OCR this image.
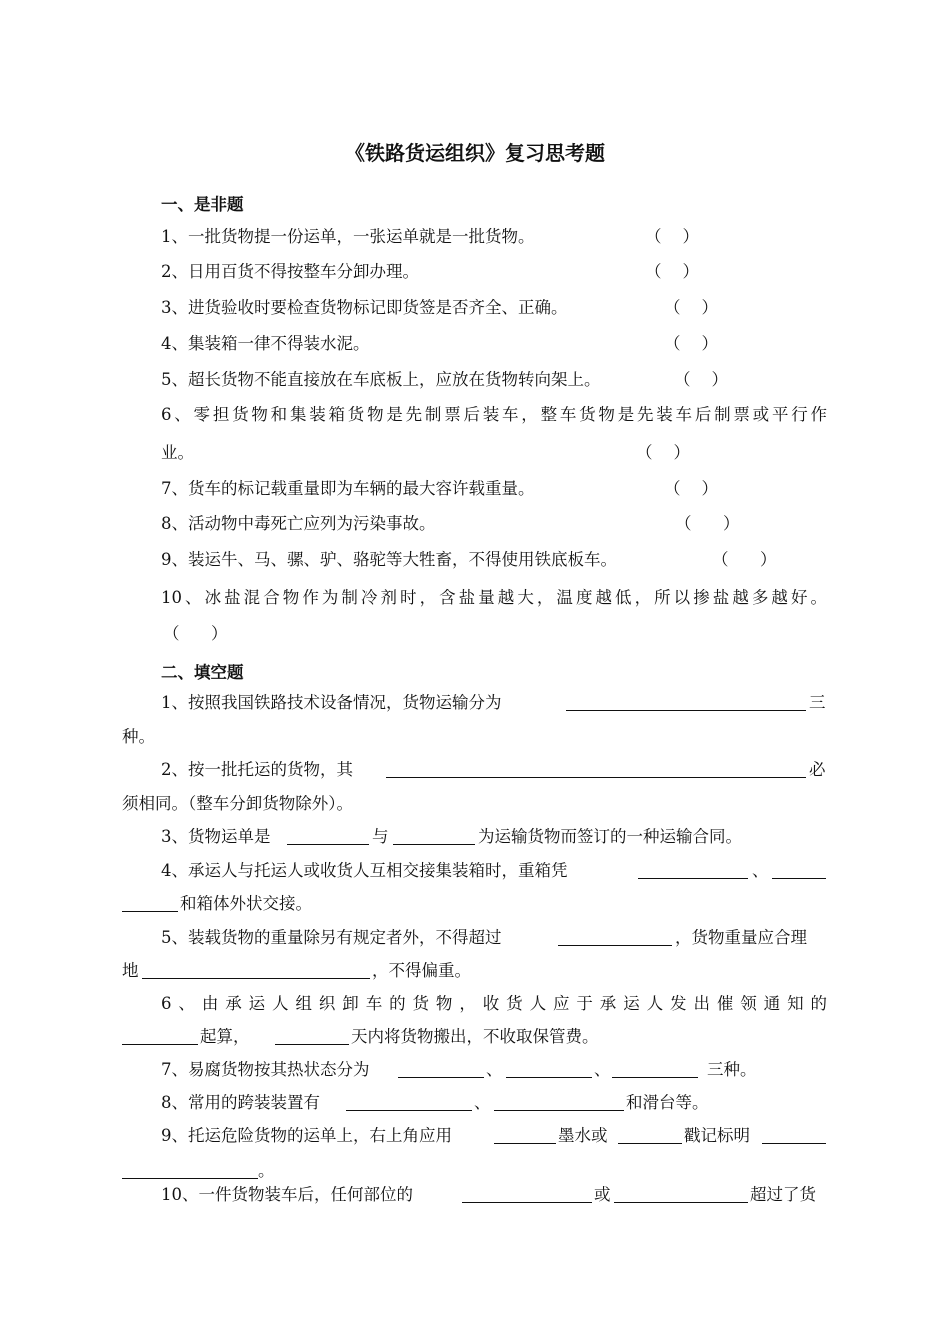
《铁路货运组织》复习思考题
一、是非题
1、一批货物提一份运单，一张运单就是一批货物。	（    ）
2、日用百货不得按整车分卸办理。	（    ）
3、进货验收时要检查货物标记即货签是否齐全、正确。	（    ）
4、集装箱一律不得装水泥。	（    ）
5、超长货物不能直接放在车底板上，应放在货物转向架上。	（    ）
6、零担货物和集装箱货物是先制票后装车，整车货物是先装车后制票或平行作
业。	（    ）
7、货车的标记载重量即为车辆的最大容许载重量。	（    ）
8、活动物中毒死亡应列为污染事故。	（      ）
9、装运牛、马、骡、驴、骆驼等大牲畜，不得使用铁底板车。	（      ）
10、冰盐混合物作为制冷剂时，含盐量越大，温度越低，所以掺盐越多越好。
（      ）
二、填空题
1、按照我国铁路技术设备情况，货物运输分为	三
种。
2、按一批托运的货物，其	必
须相同。（整车分卸货物除外）。
3、货物运单是	与	为运输货物而签订的一种运输合同。
4、承运人与托运人或收货人互相交接集装箱时，重箱凭	、
和箱体外状交接。
5、装载货物的重量除另有规定者外，不得超过	，货物重量应合理
地	，不得偏重。
6、由承运人组织卸车的货物，收货人应于承运人发出催领通知的
起算，	天内将货物搬出，不收取保管费。
7、易腐货物按其热状态分为	、	、	三种。
8、常用的跨装装置有	、	和滑台等。
9、托运危险货物的运单上，右上角应用	墨水或	戳记标明
。
10、一件货物装车后，任何部位的	或	超过了货
